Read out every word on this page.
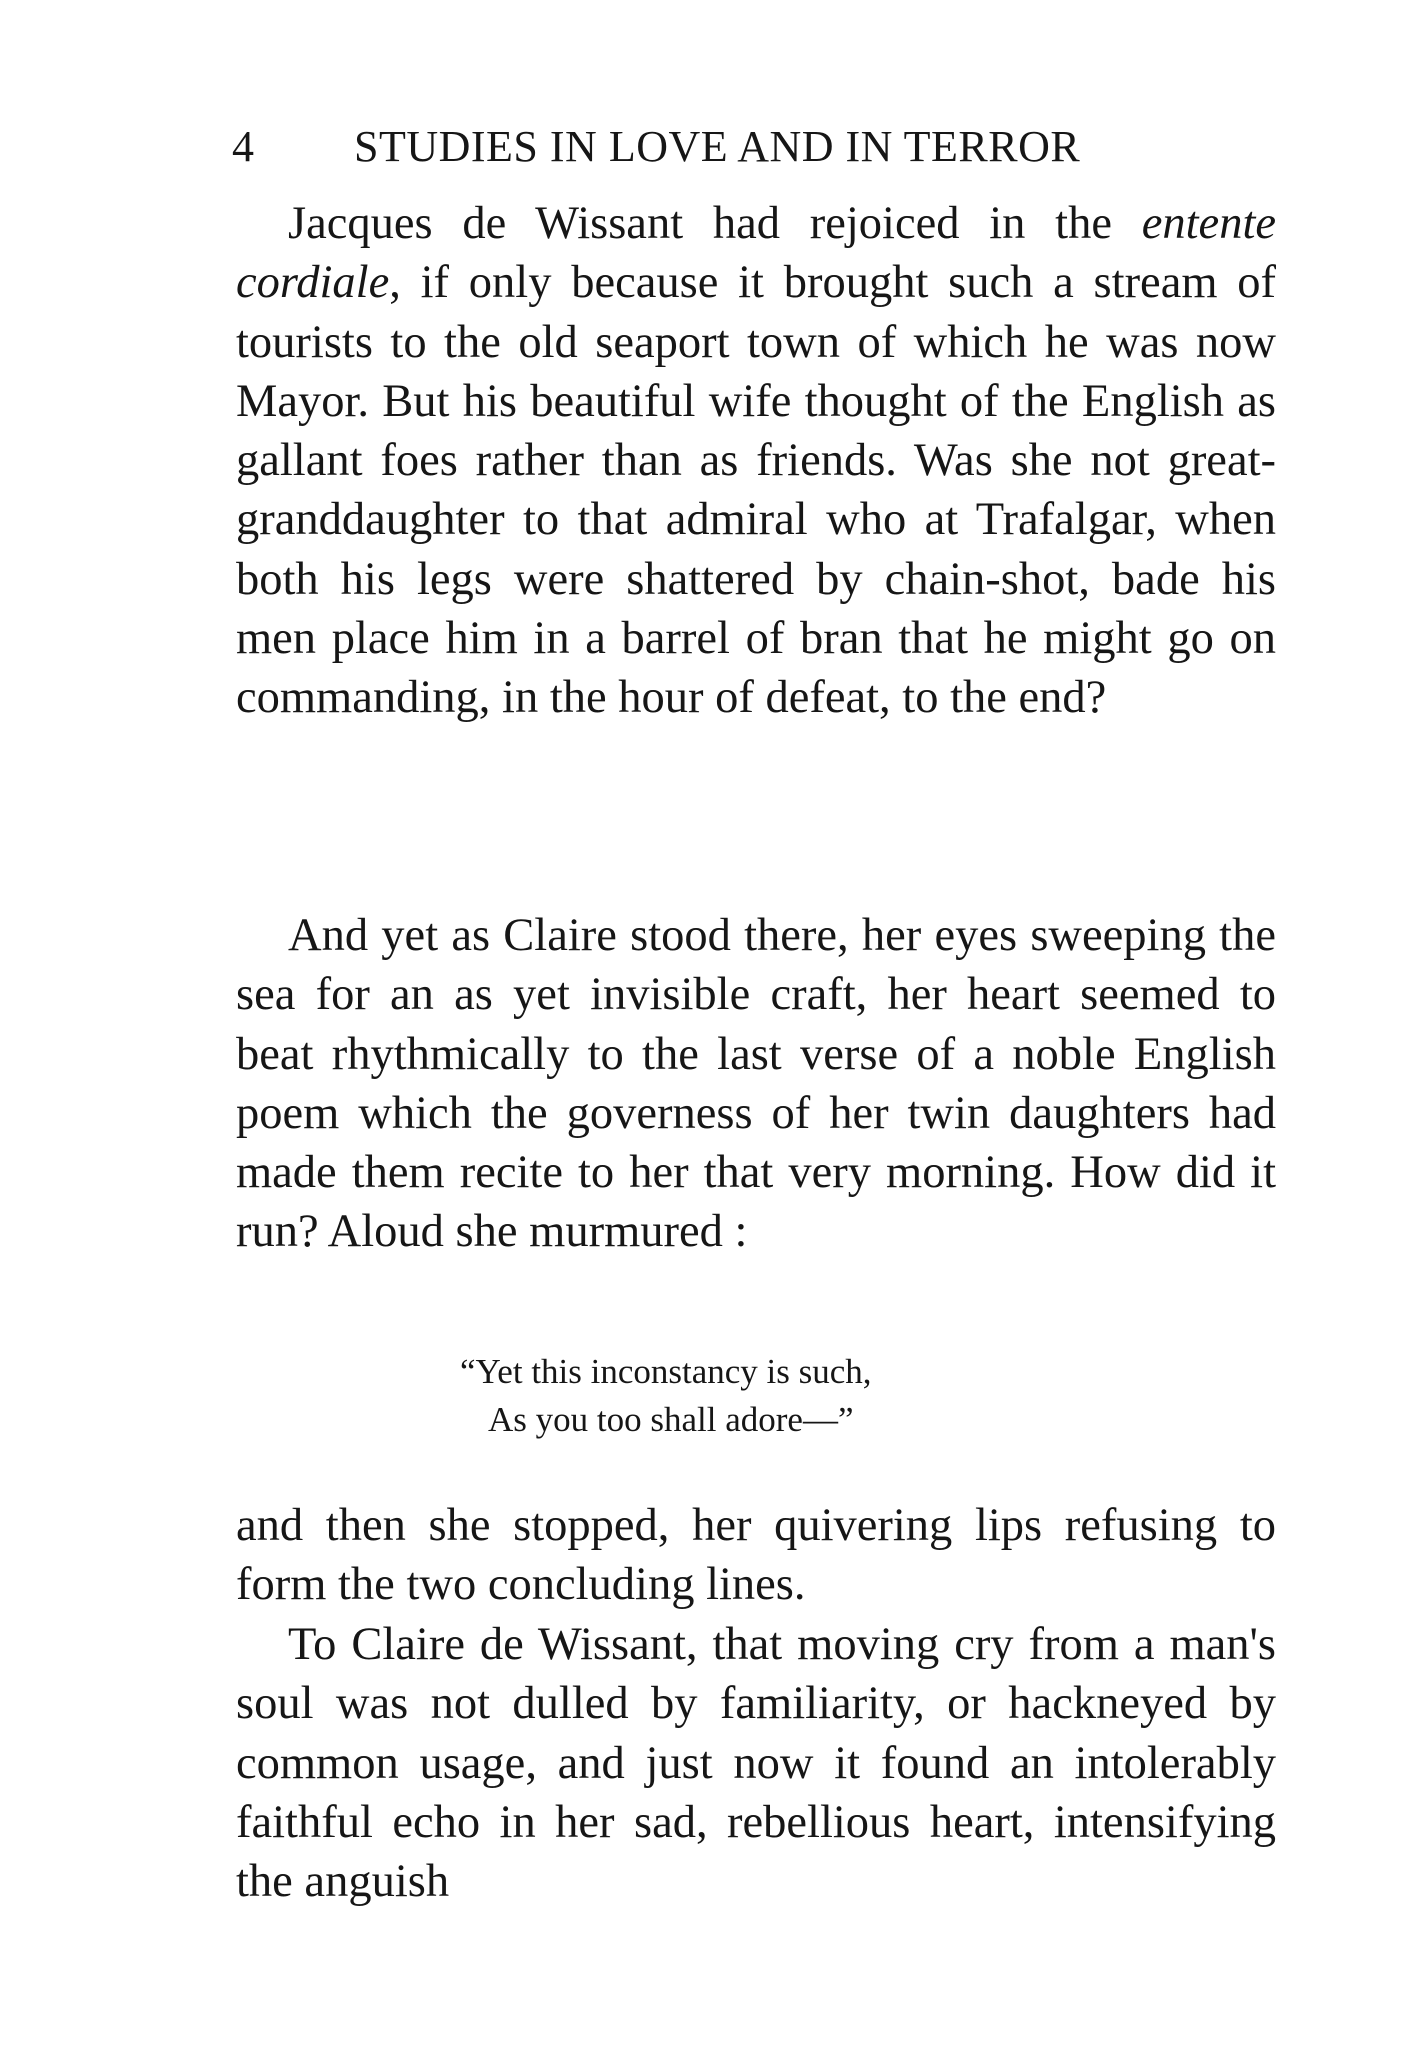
4 STUDIES IN LOVE AND IN TERROR

Jacques de Wissant had rejoiced in the entente cordiale, if only because it brought such a stream of tourists to the old seaport town of which he was now Mayor. But his beautiful wife thought of the English as gallant foes rather than as friends. Was she not great-granddaughter to that admiral who at Trafalgar, when both his legs were shattered by chain-shot, bade his men place him in a barrel of bran that he might go on commanding, in the hour of defeat, to the end?

And yet as Claire stood there, her eyes sweeping the sea for an as yet invisible craft, her heart seemed to beat rhythmically to the last verse of a noble English poem which the governess of her twin daughters had made them recite to her that very morning. How did it run? Aloud she murmured :

“Yet this inconstancy is such,
As you too shall adore—”

and then she stopped, her quivering lips refusing to form the two concluding lines.

To Claire de Wissant, that moving cry from a man's soul was not dulled by familiarity, or hackneyed by common usage, and just now it found an intolerably faithful echo in her sad, rebellious heart, intensifying the anguish
